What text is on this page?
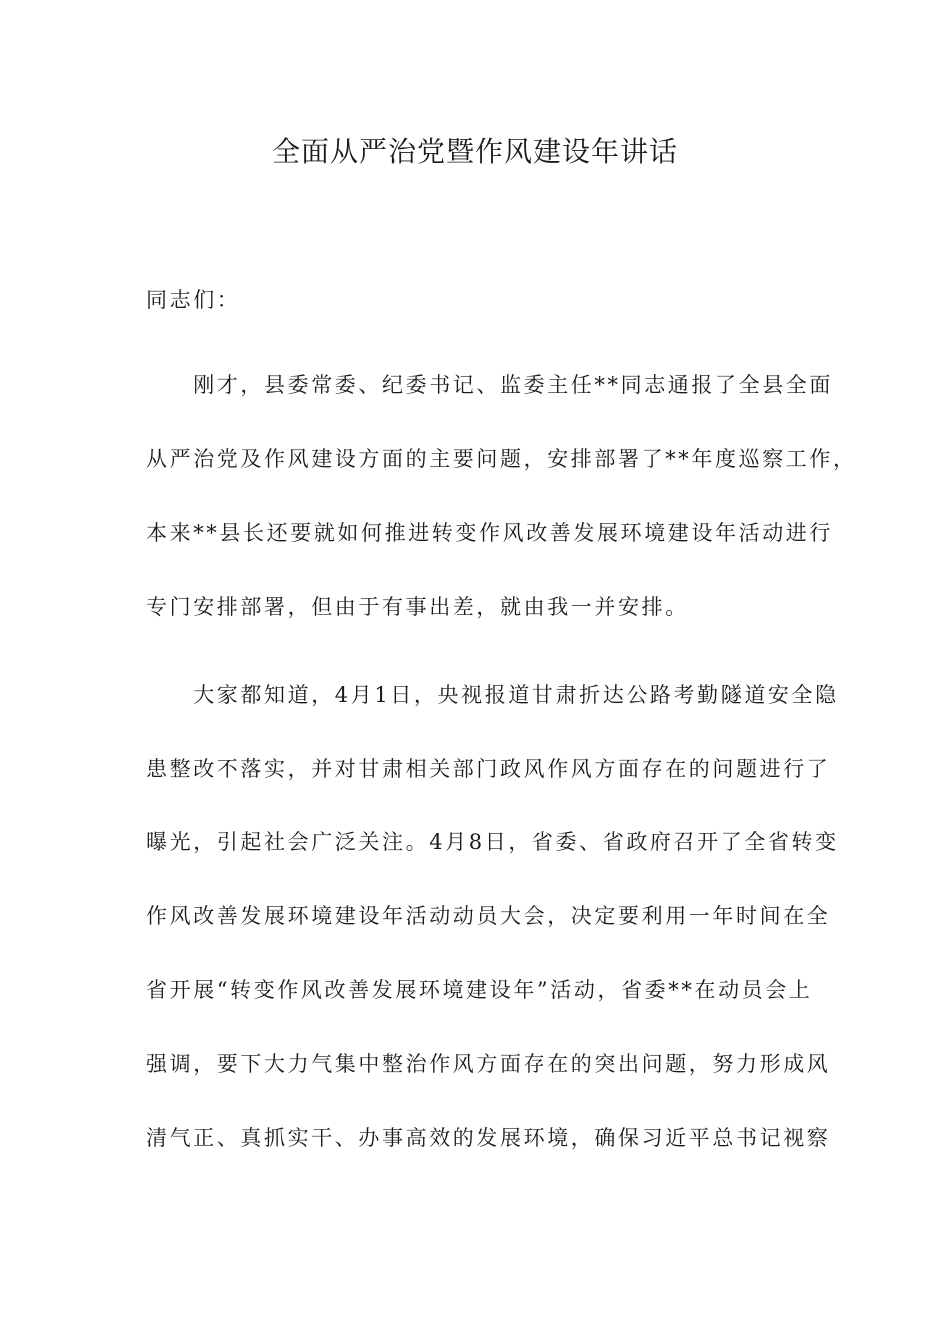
全面从严治党暨作风建设年讲话

同志们：

　　刚才，县委常委、纪委书记、监委主任**同志通报了全县全面

从严治党及作风建设方面的主要问题，安排部署了**年度巡察工作，

本来**县长还要就如何推进转变作风改善发展环境建设年活动进行

专门安排部署，但由于有事出差，就由我一并安排。

　　大家都知道，4月1日，央视报道甘肃折达公路考勤隧道安全隐

患整改不落实，并对甘肃相关部门政风作风方面存在的问题进行了

曝光，引起社会广泛关注。4月8日，省委、省政府召开了全省转变

作风改善发展环境建设年活动动员大会，决定要利用一年时间在全

省开展“转变作风改善发展环境建设年”活动，省委**在动员会上

强调，要下大力气集中整治作风方面存在的突出问题，努力形成风

清气正、真抓实干、办事高效的发展环境，确保习近平总书记视察
